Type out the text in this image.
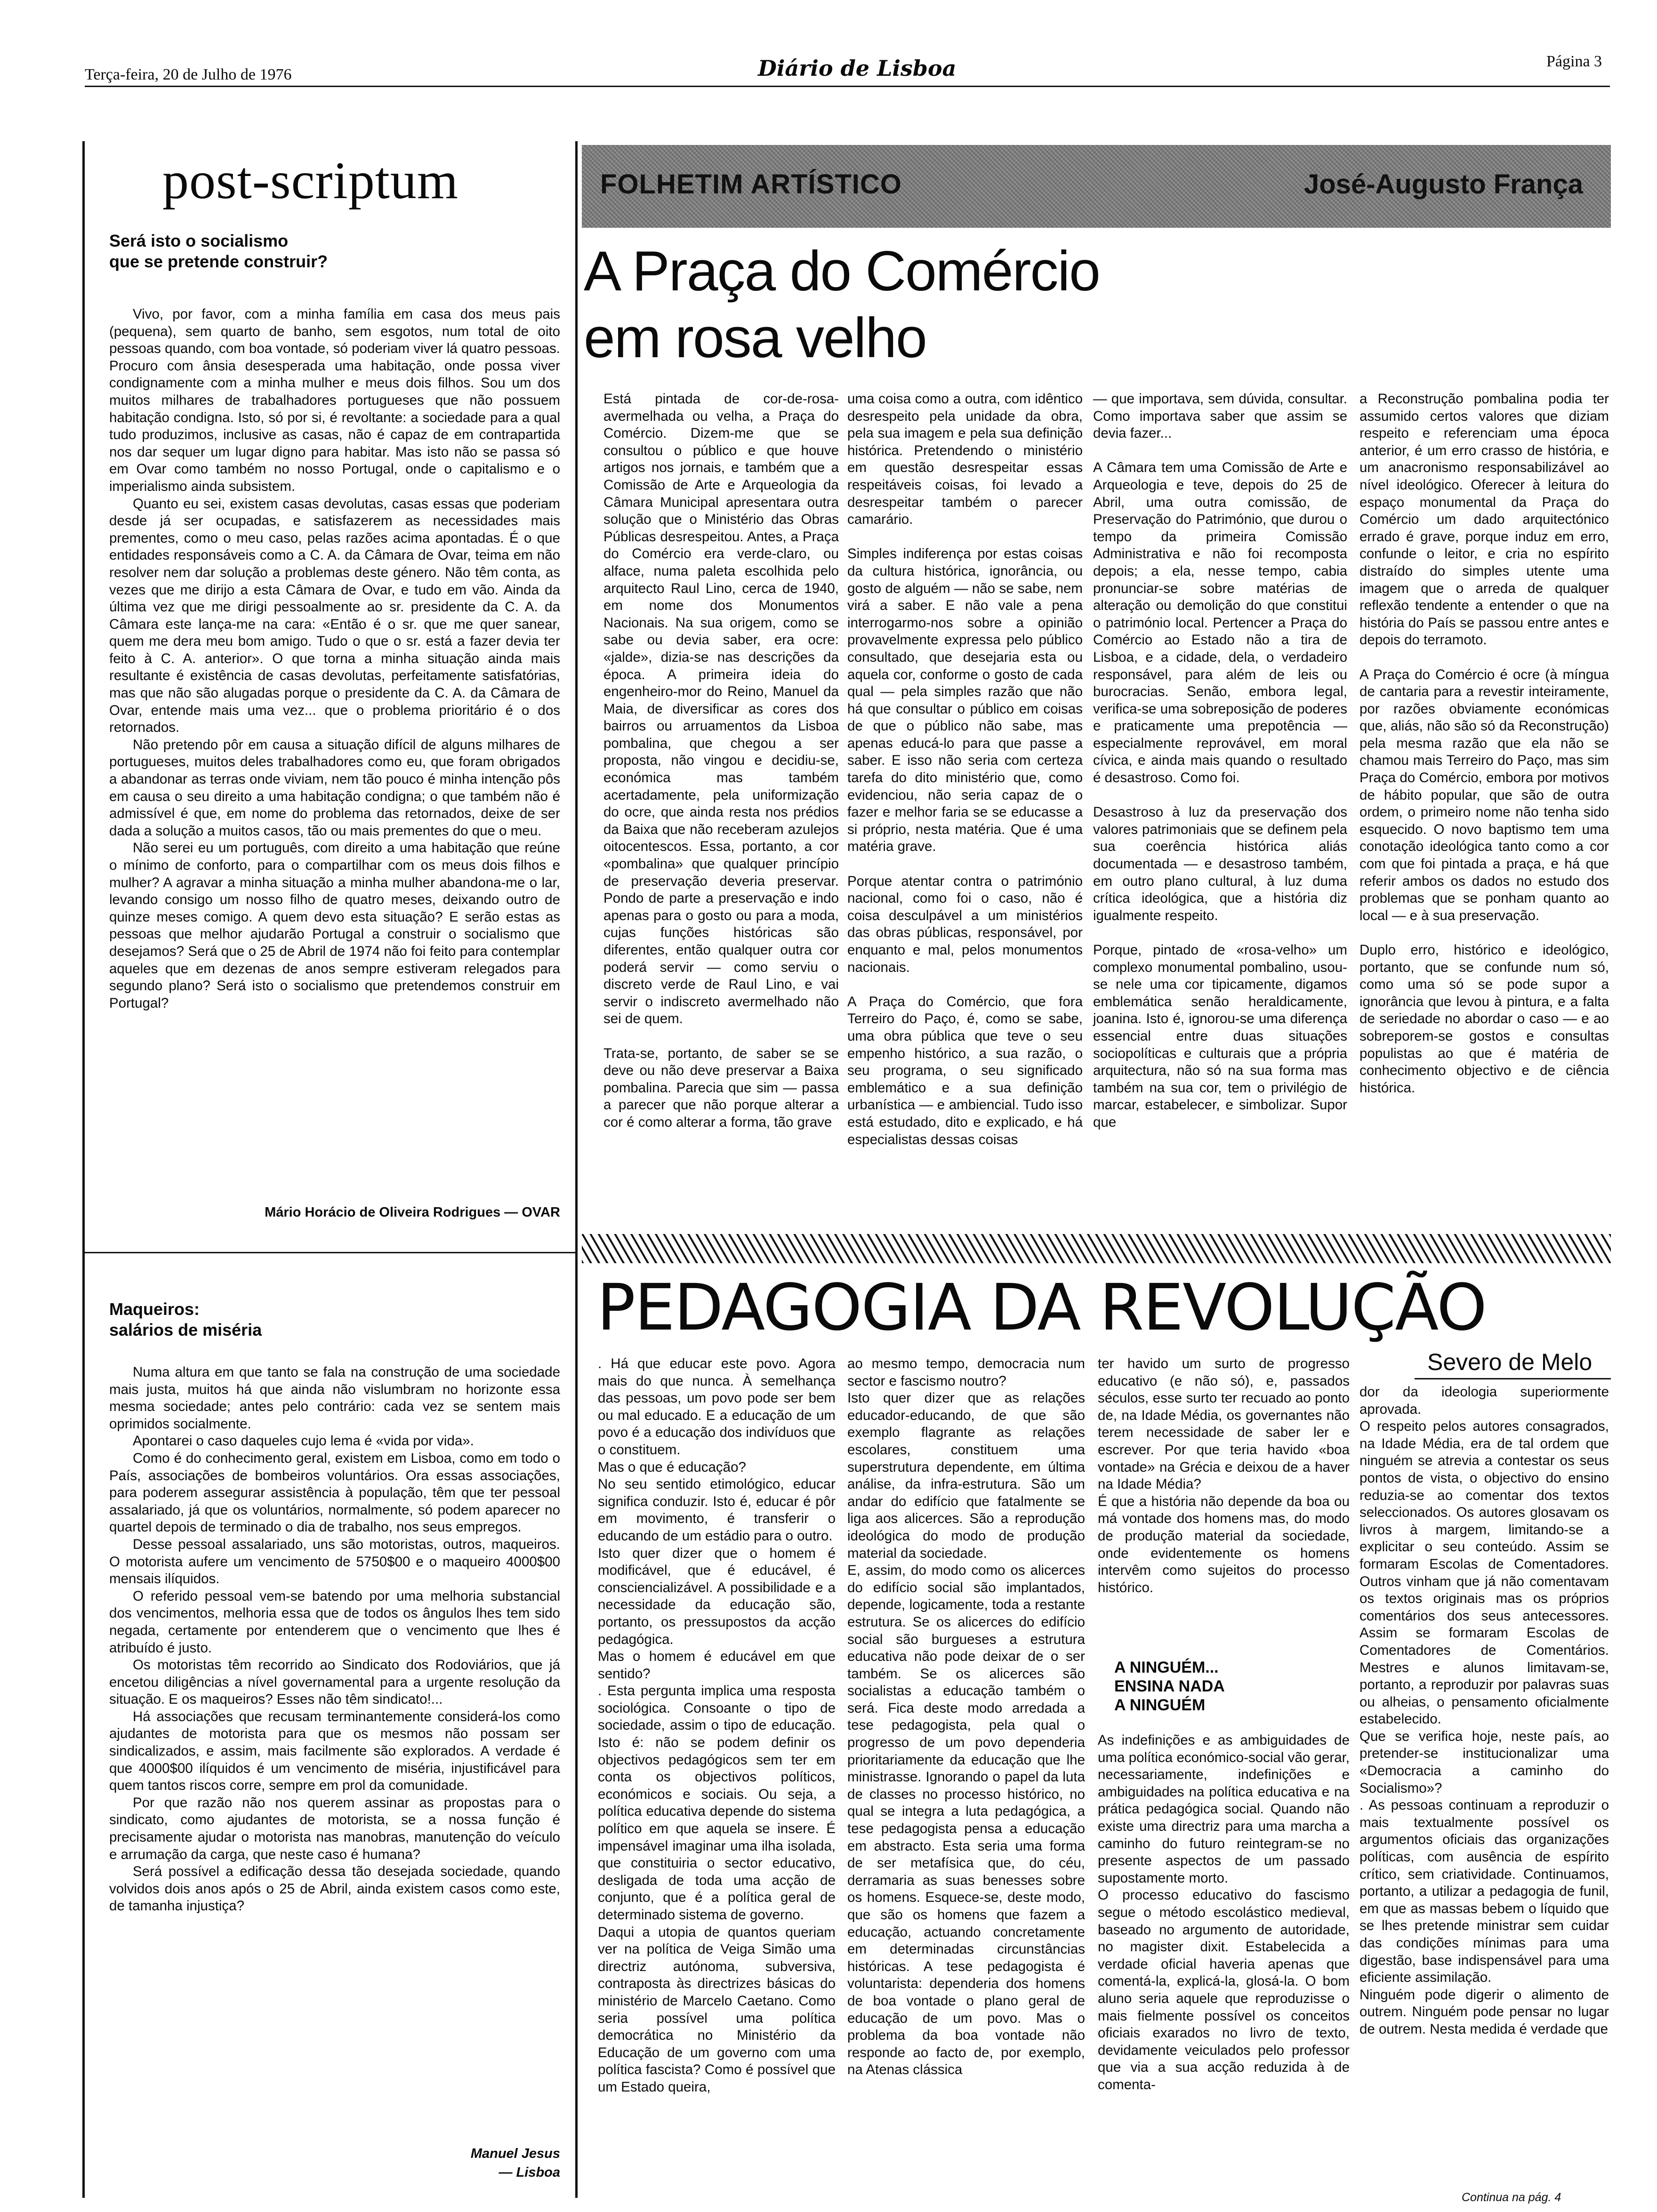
Terça-feira, 20 de Julho de 1976	Diário de Lisboa	Página 3
post-scriptum
Será isto o socialismo
que se pretende construir?

Vivo, por favor, com a minha família em casa dos meus pais (pequena), sem quarto de banho, sem esgotos, num total de oito pessoas quando, com boa vontade, só poderiam viver lá quatro pessoas. Procuro com ânsia desesperada uma habitação, onde possa viver condignamente com a minha mulher e meus dois filhos. Sou um dos muitos milhares de trabalhadores portugueses que não possuem habitação condigna. Isto, só por si, é revoltante: a sociedade para a qual tudo produzimos, inclusive as casas, não é capaz de em contrapartida nos dar sequer um lugar digno para habitar. Mas isto não se passa só em Ovar como também no nosso Portugal, onde o capitalismo e o imperialismo ainda subsistem.

Quanto eu sei, existem casas devolutas, casas essas que poderiam desde já ser ocupadas, e satisfazerem as necessidades mais prementes, como o meu caso, pelas razões acima apontadas. É o que entidades responsáveis como a C. A. da Câmara de Ovar, teima em não resolver nem dar solução a problemas deste género. Não têm conta, as vezes que me dirijo a esta Câmara de Ovar, e tudo em vão. Ainda da última vez que me dirigi pessoalmente ao sr. presidente da C. A. da Câmara este lança-me na cara: «Então é o sr. que me quer sanear, quem me dera meu bom amigo. Tudo o que o sr. está a fazer devia ter feito à C. A. anterior». O que torna a minha situação ainda mais resultante é existência de casas devolutas, perfeitamente satisfatórias, mas que não são alugadas porque o presidente da C. A. da Câmara de Ovar, entende mais uma vez... que o problema prioritário é o dos retornados.

Não pretendo pôr em causa a situação difícil de alguns milhares de portugueses, muitos deles trabalhadores como eu, que foram obrigados a abandonar as terras onde viviam, nem tão pouco é minha intenção pôs em causa o seu direito a uma habitação condigna; o que também não é admissível é que, em nome do problema das retornados, deixe de ser dada a solução a muitos casos, tão ou mais prementes do que o meu.

Não serei eu um português, com direito a uma habitação que reúne o mínimo de conforto, para o compartilhar com os meus dois filhos e mulher? A agravar a minha situação a minha mulher abandona-me o lar, levando consigo um nosso filho de quatro meses, deixando outro de quinze meses comigo. A quem devo esta situação? E serão estas as pessoas que melhor ajudarão Portugal a construir o socialismo que desejamos? Será que o 25 de Abril de 1974 não foi feito para contemplar aqueles que em dezenas de anos sempre estiveram relegados para segundo plano? Será isto o socialismo que pretendemos construir em Portugal?

Mário Horácio de Oliveira Rodrigues — OVAR
Maqueiros:
salários de miséria

Numa altura em que tanto se fala na construção de uma sociedade mais justa, muitos há que ainda não vislumbram no horizonte essa mesma sociedade; antes pelo contrário: cada vez se sentem mais oprimidos socialmente.

Apontarei o caso daqueles cujo lema é «vida por vida».

Como é do conhecimento geral, existem em Lisboa, como em todo o País, associações de bombeiros voluntários. Ora essas associações, para poderem assegurar assistência à população, têm que ter pessoal assalariado, já que os voluntários, normalmente, só podem aparecer no quartel depois de terminado o dia de trabalho, nos seus empregos.

Desse pessoal assalariado, uns são motoristas, outros, maqueiros. O motorista aufere um vencimento de 5750$00 e o maqueiro 4000$00 mensais ilíquidos.

O referido pessoal vem-se batendo por uma melhoria substancial dos vencimentos, melhoria essa que de todos os ângulos lhes tem sido negada, certamente por entenderem que o vencimento que lhes é atribuído é justo.

Os motoristas têm recorrido ao Sindicato dos Rodoviários, que já encetou diligências a nível governamental para a urgente resolução da situação. E os maqueiros? Esses não têm sindicato!...

Há associações que recusam terminantemente considerá-los como ajudantes de motorista para que os mesmos não possam ser sindicalizados, e assim, mais facilmente são explorados. A verdade é que 4000$00 ilíquidos é um vencimento de miséria, injustificável para quem tantos riscos corre, sempre em prol da comunidade.

Por que razão não nos querem assinar as propostas para o sindicato, como ajudantes de motorista, se a nossa função é precisamente ajudar o motorista nas manobras, manutenção do veículo e arrumação da carga, que neste caso é humana?

Será possível a edificação dessa tão desejada sociedade, quando volvidos dois anos após o 25 de Abril, ainda existem casos como este, de tamanha injustiça?

Manuel Jesus
— Lisboa
FOLHETIM ARTÍSTICO	José-Augusto França
A Praça do Comércio
em rosa velho
Está pintada de cor-de-rosa-avermelhada ou velha, a Praça do Comércio. Dizem-me que se consultou o público e que houve artigos nos jornais, e também que a Comissão de Arte e Arqueologia da Câmara Municipal apresentara outra solução que o Ministério das Obras Públicas desrespeitou. Antes, a Praça do Comércio era verde-claro, ou alface, numa paleta escolhida pelo arquitecto Raul Lino, cerca de 1940, em nome dos Monumentos Nacionais. Na sua origem, como se sabe ou devia saber, era ocre: «jalde», dizia-se nas descrições da época. A primeira ideia do engenheiro-mor do Reino, Manuel da Maia, de diversificar as cores dos bairros ou arruamentos da Lisboa pombalina, que chegou a ser proposta, não vingou e decidiu-se, económica mas também acertadamente, pela uniformização do ocre, que ainda resta nos prédios da Baixa que não receberam azulejos oitocentescos. Essa, portanto, a cor «pombalina» que qualquer princípio de preservação deveria preservar. Pondo de parte a preservação e indo apenas para o gosto ou para a moda, cujas funções históricas são diferentes, então qualquer outra cor poderá servir — como serviu o discreto verde de Raul Lino, e vai servir o indiscreto avermelhado não sei de quem.

Trata-se, portanto, de saber se se deve ou não deve preservar a Baixa pombalina. Parecia que sim — passa a parecer que não porque alterar a cor é como alterar a forma, tão grave
uma coisa como a outra, com idêntico desrespeito pela unidade da obra, pela sua imagem e pela sua definição histórica. Pretendendo o ministério em questão desrespeitar essas respeitáveis coisas, foi levado a desrespeitar também o parecer camarário.

Simples indiferença por estas coisas da cultura histórica, ignorância, ou gosto de alguém — não se sabe, nem virá a saber. E não vale a pena interrogarmo-nos sobre a opinião provavelmente expressa pelo público consultado, que desejaria esta ou aquela cor, conforme o gosto de cada qual — pela simples razão que não há que consultar o público em coisas de que o público não sabe, mas apenas educá-lo para que passe a saber. E isso não seria com certeza tarefa do dito ministério que, como evidenciou, não seria capaz de o fazer e melhor faria se se educasse a si próprio, nesta matéria. Que é uma matéria grave.

Porque atentar contra o património nacional, como foi o caso, não é coisa desculpável a um ministérios das obras públicas, responsável, por enquanto e mal, pelos monumentos nacionais.

A Praça do Comércio, que fora Terreiro do Paço, é, como se sabe, uma obra pública que teve o seu empenho histórico, a sua razão, o seu programa, o seu significado emblemático e a sua definição urbanística — e ambiencial. Tudo isso está estudado, dito e explicado, e há especialistas dessas coisas
— que importava, sem dúvida, consultar. Como importava saber que assim se devia fazer...

A Câmara tem uma Comissão de Arte e Arqueologia e teve, depois do 25 de Abril, uma outra comissão, de Preservação do Património, que durou o tempo da primeira Comissão Administrativa e não foi recomposta depois; a ela, nesse tempo, cabia pronunciar-se sobre matérias de alteração ou demolição do que constitui o património local. Pertencer a Praça do Comércio ao Estado não a tira de Lisboa, e a cidade, dela, o verdadeiro responsável, para além de leis ou burocracias. Senão, embora legal, verifica-se uma sobreposição de poderes e praticamente uma prepotência — especialmente reprovável, em moral cívica, e ainda mais quando o resultado é desastroso. Como foi.

Desastroso à luz da preservação dos valores patrimoniais que se definem pela sua coerência histórica aliás documentada — e desastroso também, em outro plano cultural, à luz duma crítica ideológica, que a história diz igualmente respeito.

Porque, pintado de «rosa-velho» um complexo monumental pombalino, usou-se nele uma cor tipicamente, digamos emblemática senão heraldicamente, joanina. Isto é, ignorou-se uma diferença essencial entre duas situações sociopolíticas e culturais que a própria arquitectura, não só na sua forma mas também na sua cor, tem o privilégio de marcar, estabelecer, e simbolizar. Supor que
a Reconstrução pombalina podia ter assumido certos valores que diziam respeito e referenciam uma época anterior, é um erro crasso de história, e um anacronismo responsabilizável ao nível ideológico. Oferecer à leitura do espaço monumental da Praça do Comércio um dado arquitectónico errado é grave, porque induz em erro, confunde o leitor, e cria no espírito distraído do simples utente uma imagem que o arreda de qualquer reflexão tendente a entender o que na história do País se passou entre antes e depois do terramoto.

A Praça do Comércio é ocre (à míngua de cantaria para a revestir inteiramente, por razões obviamente económicas que, aliás, não são só da Reconstrução) pela mesma razão que ela não se chamou mais Terreiro do Paço, mas sim Praça do Comércio, embora por motivos de hábito popular, que são de outra ordem, o primeiro nome não tenha sido esquecido. O novo baptismo tem uma conotação ideológica tanto como a cor com que foi pintada a praça, e há que referir ambos os dados no estudo dos problemas que se ponham quanto ao local — e à sua preservação.

Duplo erro, histórico e ideológico, portanto, que se confunde num só, como uma só se pode supor a ignorância que levou à pintura, e a falta de seriedade no abordar o caso — e ao sobreporem-se gostos e consultas populistas ao que é matéria de conhecimento objectivo e de ciência histórica.
PEDAGOGIA DA REVOLUÇÃO
Severo de Melo
. Há que educar este povo. Agora mais do que nunca. À semelhança das pessoas, um povo pode ser bem ou mal educado. E a educação de um povo é a educação dos indivíduos que o constituem.
Mas o que é educação?
No seu sentido etimológico, educar significa conduzir. Isto é, educar é pôr em movimento, é transferir o educando de um estádio para o outro.
Isto quer dizer que o homem é modificável, que é educável, é consciencializável. A possibilidade e a necessidade da educação são, portanto, os pressupostos da acção pedagógica.
Mas o homem é educável em que sentido?
. Esta pergunta implica uma resposta sociológica. Consoante o tipo de sociedade, assim o tipo de educação. Isto é: não se podem definir os objectivos pedagógicos sem ter em conta os objectivos políticos, económicos e sociais. Ou seja, a política educativa depende do sistema político em que aquela se insere. É impensável imaginar uma ilha isolada, que constituiria o sector educativo, desligada de toda uma acção de conjunto, que é a política geral de determinado sistema de governo.
Daqui a utopia de quantos queriam ver na política de Veiga Simão uma directriz autónoma, subversiva, contraposta às directrizes básicas do ministério de Marcelo Caetano. Como seria possível uma política democrática no Ministério da Educação de um governo com uma política fascista? Como é possível que um Estado queira,
ao mesmo tempo, democracia num sector e fascismo noutro?
Isto quer dizer que as relações educador-educando, de que são exemplo flagrante as relações escolares, constituem uma superstrutura dependente, em última análise, da infra-estrutura. São um andar do edifício que fatalmente se liga aos alicerces. São a reprodução ideológica do modo de produção material da sociedade.
E, assim, do modo como os alicerces do edifício social são implantados, depende, logicamente, toda a restante estrutura. Se os alicerces do edifício social são burgueses a estrutura educativa não pode deixar de o ser também. Se os alicerces são socialistas a educação também o será. Fica deste modo arredada a tese pedagogista, pela qual o progresso de um povo dependeria prioritariamente da educação que lhe ministrasse. Ignorando o papel da luta de classes no processo histórico, no qual se integra a luta pedagógica, a tese pedagogista pensa a educação em abstracto. Esta seria uma forma de ser metafísica que, do céu, derramaria as suas benesses sobre os homens. Esquece-se, deste modo, que são os homens que fazem a educação, actuando concretamente em determinadas circunstâncias históricas. A tese pedagogista é voluntarista: dependeria dos homens de boa vontade o plano geral de educação de um povo. Mas o problema da boa vontade não responde ao facto de, por exemplo, na Atenas clássica
ter havido um surto de progresso educativo (e não só), e, passados séculos, esse surto ter recuado ao ponto de, na Idade Média, os governantes não terem necessidade de saber ler e escrever. Por que teria havido «boa vontade» na Grécia e deixou de a haver na Idade Média?
É que a história não depende da boa ou má vontade dos homens mas, do modo de produção material da sociedade, onde evidentemente os homens intervêm como sujeitos do processo histórico.
A NINGUÉM...
ENSINA NADA
A NINGUÉM
As indefinições e as ambiguidades de uma política económico-social vão gerar, necessariamente, indefinições e ambiguidades na política educativa e na prática pedagógica social. Quando não existe uma directriz para uma marcha a caminho do futuro reintegram-se no presente aspectos de um passado supostamente morto.
O processo educativo do fascismo segue o método escolástico medieval, baseado no argumento de autoridade, no magister dixit. Estabelecida a verdade oficial haveria apenas que comentá-la, explicá-la, glosá-la. O bom aluno seria aquele que reproduzisse o mais fielmente possível os conceitos oficiais exarados no livro de texto, devidamente veiculados pelo professor que via a sua acção reduzida à de comenta-
dor da ideologia superiormente aprovada.
O respeito pelos autores consagrados, na Idade Média, era de tal ordem que ninguém se atrevia a contestar os seus pontos de vista, o objectivo do ensino reduzia-se ao comentar dos textos seleccionados. Os autores glosavam os livros à margem, limitando-se a explicitar o seu conteúdo. Assim se formaram Escolas de Comentadores. Outros vinham que já não comentavam os textos originais mas os próprios comentários dos seus antecessores. Assim se formaram Escolas de Comentadores de Comentários. Mestres e alunos limitavam-se, portanto, a reproduzir por palavras suas ou alheias, o pensamento oficialmente estabelecido.
Que se verifica hoje, neste país, ao pretender-se institucionalizar uma «Democracia a caminho do Socialismo»?
. As pessoas continuam a reproduzir o mais textualmente possível os argumentos oficiais das organizações políticas, com ausência de espírito crítico, sem criatividade. Continuamos, portanto, a utilizar a pedagogia de funil, em que as massas bebem o líquido que se lhes pretende ministrar sem cuidar das condições mínimas para uma digestão, base indispensável para uma eficiente assimilação.
Ninguém pode digerir o alimento de outrem. Ninguém pode pensar no lugar de outrem. Nesta medida é verdade que
Continua na pág. 4
